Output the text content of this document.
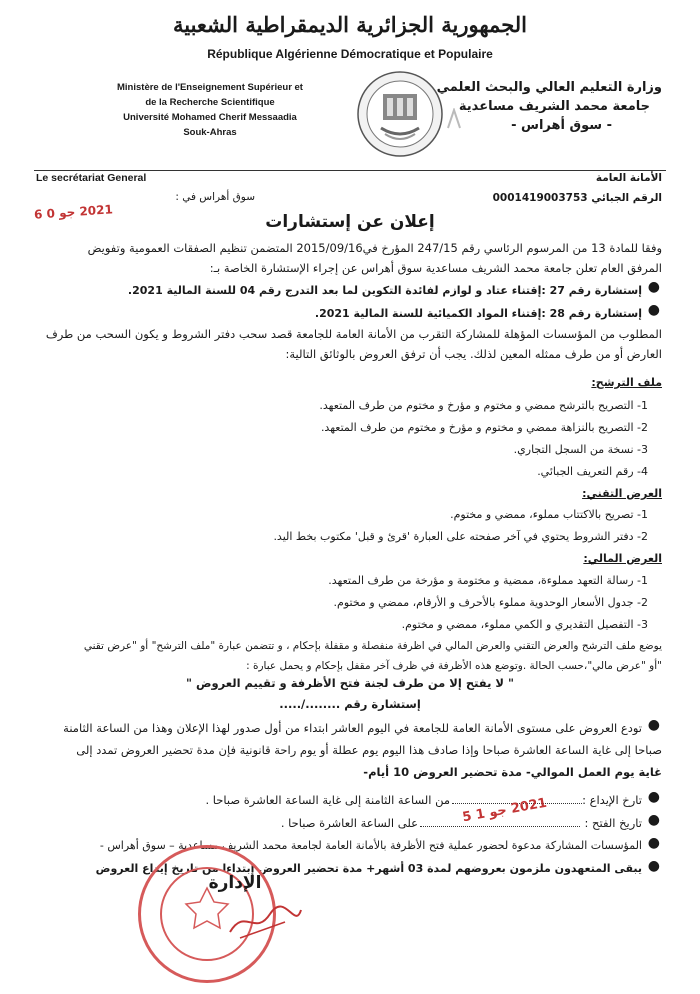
الجمهورية الجزائرية الديمقراطية الشعبية
République Algérienne Démocratique et Populaire
Ministère de l'Enseignement Supérieur et
de la Recherche Scientifique
Université Mohamed Cherif Messaadia
Souk-Ahras
وزارة التعليم العالي والبحث العلمي
جامعة محمد الشريف مساعدية
- سوق أهراس -
Le secrétariat General	الأمانة العامة
الرقم الجبائي 0001419003753
سوق أهراس في :
2021 جو 0 6
إعلان عن إستشارات
وفقا للمادة 13 من المرسوم الرئاسي رقم 247/15 المؤرخ في2015/09/16 المتضمن تنظيم الصفقات العمومية وتفويض
المرفق العام تعلن جامعة محمد الشريف مساعدية سوق أهراس عن إجراء الإستشارة الخاصة بـ:
●
إستشارة رقم 27 :إقتناء عتاد و لوازم لفائدة التكوين لما بعد التدرج رقم 04 للسنة المالية 2021.
●
إستشارة رقم 28 :إقتناء المواد الكميائية للسنة المالية 2021.
المطلوب من المؤسسات المؤهلة للمشاركة التقرب من الأمانة العامة للجامعة قصد سحب دفتر الشروط و يكون السحب من طرف
العارض أو من طرف ممثله المعين لذلك. يجب أن ترفق العروض بالوثائق التالية:
ملف الترشح:
1- التصريح بالترشح ممضي و مختوم و مؤرخ و مختوم من طرف المتعهد.
2- التصريح بالنزاهة ممضي و مختوم و مؤرخ و مختوم من طرف المتعهد.
3- نسخة من السجل التجاري.
4- رقم التعريف الجبائي.
العرض التقني:
1- تصريح بالاكتتاب مملوء، ممضي و مختوم.
2- دفتر الشروط يحتوي في آخر صفحته على العبارة 'قرئ و قبل' مكتوب بخط اليد.
العرض المالي:
1- رسالة التعهد مملوءة، ممضية و مختومة و مؤرخة من طرف المتعهد.
2- جدول الأسعار الوحدوية مملوء بالأحرف و الأرقام، ممضي و مختوم.
3- التفصيل التقديري و الكمي مملوء، ممضي و مختوم.
يوضع ملف الترشح والعرض التقني والعرض المالي في اظرفة منفصلة و مقفلة بإحكام ، و تتضمن عبارة "ملف الترشح" أو "عرض تقني
"أو "عرض مالي"،حسب الحالة .وتوضع هذه الأظرفة في ظرف آخر مقفل بإحكام و يحمل عبارة :
" لا يفتح إلا من طرف لجنة فتح الأظرفة و تقييم العروض "
إستشارة رقم ......../.....
●
تودع العروض على مستوى الأمانة العامة للجامعة في اليوم العاشر ابتداء من أول صدور لهذا الإعلان وهذا من الساعة الثامنة
صباحا إلى غاية الساعة العاشرة صباحا وإذا صادف هذا اليوم يوم عطلة أو يوم راحة قانونية فإن مدة تحضير العروض تمدد إلى
غاية يوم العمل الموالي- مدة تحضير العروض 10 أيام-
●
تارخ الإيداع :
من الساعة الثامنة إلى غاية الساعة العاشرة صباحا .
●
تاريخ الفتح :
على الساعة العاشرة صباحا .	2021 جو 1 5
●
المؤسسات المشاركة مدعوة لحضور عملية فتح الأظرفة بالأمانة العامة لجامعة محمد الشريف مساعدية – سوق أهراس -
●
يبقى المتعهدون ملزمون بعروضهم لمدة 03 أشهر+ مدة تحضير العروض إبتداءا من تاريخ إيداع العروض
الإدارة
